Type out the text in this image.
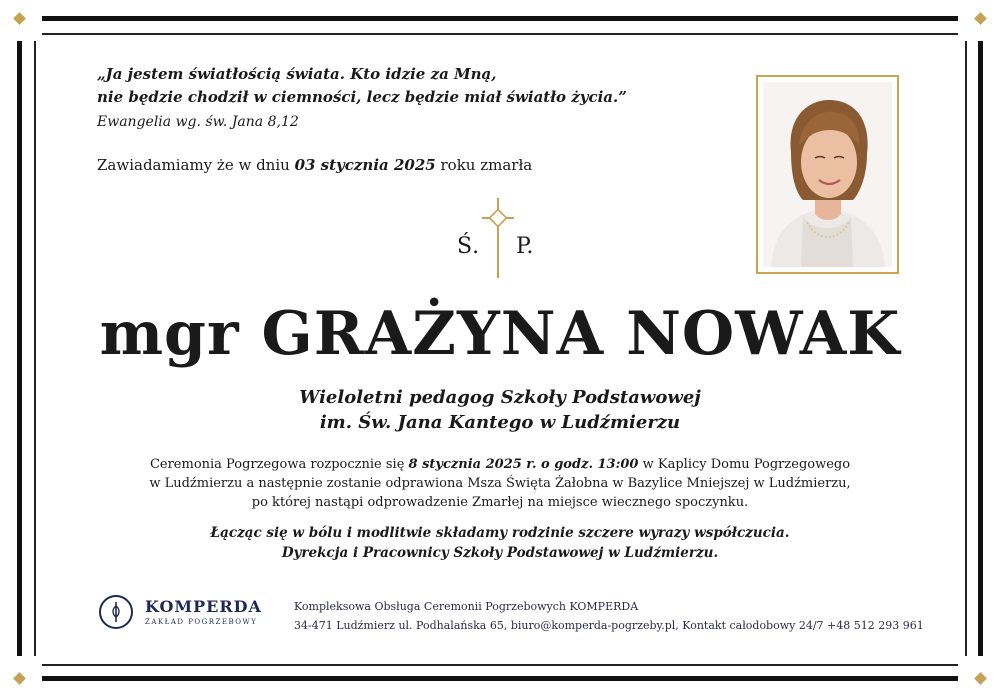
„Ja jestem światłością świata. Kto idzie za Mną,
nie będzie chodził w ciemności, lecz będzie miał światło życia.”
Ewangelia wg. św. Jana 8,12
Zawiadamiamy że w dniu 03 stycznia 2025 roku zmarła
Ś. P.
mgr GRAŻYNA NOWAK
Wieloletni pedagog Szkoły Podstawowej
im. Św. Jana Kantego w Ludźmierzu
Ceremonia Pogrzegowa rozpocznie się 8 stycznia 2025 r. o godz. 13:00 w Kaplicy Domu Pogrzegowego
w Ludźmierzu a następnie zostanie odprawiona Msza Święta Żałobna w Bazylice Mniejszej w Ludźmierzu,
po której nastąpi odprowadzenie Zmarłej na miejsce wiecznego spoczynku.
Łącząc się w bólu i modlitwie składamy rodzinie szczere wyrazy współczucia.
Dyrekcja i Pracownicy Szkoły Podstawowej w Ludźmierzu.
KOMPERDA
ZAKŁAD POGRZEBOWY
Kompleksowa Obsługa Ceremonii Pogrzebowych KOMPERDA
34-471 Ludźmierz ul. Podhalańska 65, biuro@komperda-pogrzeby.pl, Kontakt całodobowy 24/7 +48 512 293 961
